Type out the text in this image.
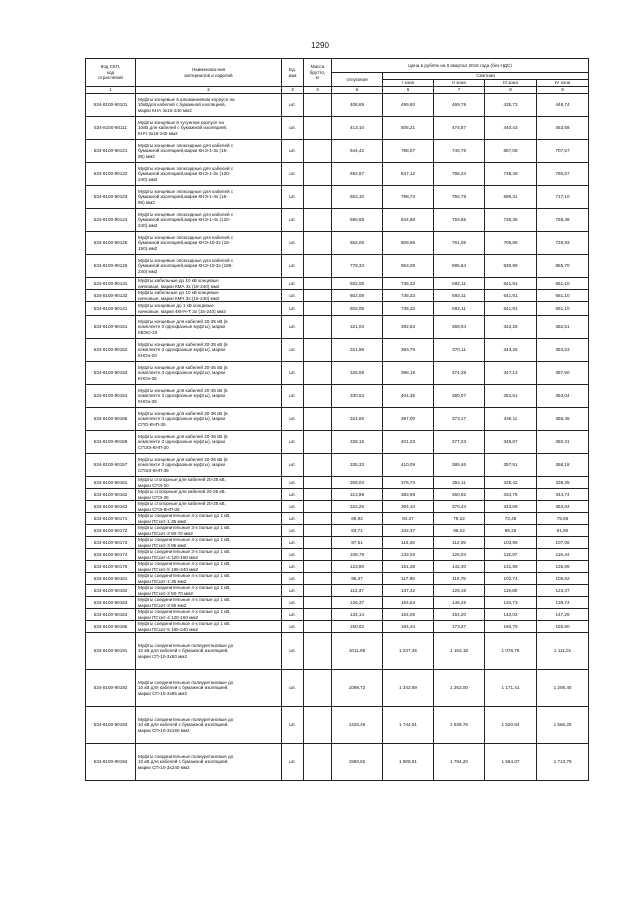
1290
Код СКП,
код
отраслевой	Наименова-ния
материалов и изделий	Ед.
изм	Масса
брутто,
кг	Цена в рублях на II квартал 2016 года (без НДС)				
				отпускная	Сметная			
					I зона	II зона	III зона	IV зона
1	2	3	4	5	6	7	8	9
534-8100-90101	Муфты концевые в алюминиевом корпусе на
10кВдля кабелей с бумажной изоляцией,
марки КНА 3х16-240 мм2	шт.		408,69	499,60	469,79	435,73	448,74
534-8100-90111	Муфты концевые в чугунном корпусе на
10кВ для кабелей с бумажной изоляцией,
КНЧ 3х16-240 мм2	шт.		413,10	505,21	474,87	440,43	453,58
534-8100-90121	Муфты концевые эпоксидные для кабелей с
бумажной изоляцией,марки КНЭ-1-3х (16-
95) мм2	шт.		644,42	788,07	740,76	687,05	707,57
534-8100-90122	Муфты концевые эпоксидные для кабелей с
бумажной изоляцией,марки КНЭ-1-3х (120-
240) мм2	шт.		692,67	847,12	796,24	738,49	760,57
534-8100-90123	Муфты концевые эпоксидные для кабелей с
бумажной изоляцией,марки КНЭ-1-4х (16-
95) мм2	шт.		653,10	798,73	750,78	696,31	717,10
534-8100-90124	Муфты концевые эпоксидные для кабелей с
бумажной изоляцией,марки КНЭ-1-4х (120-
240) мм2	шт.		690,68	844,68	793,95	736,36	758,38
534-8100-90125	Муфты концевые эпоксидные для кабелей с
бумажной изоляцией,марки КНЭ-10-3х (16-
150) мм2	шт.		662,06	809,66	761,05	705,85	726,93
534-8100-90126	Муфты концевые эпоксидные для кабелей с
бумажной изоляцией,марки КНЭ-10-3х (185-
240) мм2	шт.		779,33	953,08	895,84	830,89	855,70
534-8100-90131	Муфты кабельные до 10 кВ концевые
начковые, марки КМА 3х (16-240) мм2	шт.		602,08	736,33	692,11	641,91	661,10
534-8100-90132	Муфты кабельные до 10 кВ концевые
начковые, марки КМЧ 3х (16-240) мм2	шт.		602,08	736,33	692,11	641,91	661,10
534-8100-90141	Муфты концевые до 1 кВ концевые
начковые, марки 4КНЧ-Т 3х (16-240) мм2	шт.		602,08	736,33	692,11	641,91	661,10
534-8100-90151	Муфты концевые для кабелей 20-35 кВ (в
комплекте 3 однофазные муфты), марки
КВЭО-20	шт.		321,04	392,63	369,04	342,28	352,51
534-8100-90152	Муфты концевые для кабелей 20-35 кВ (в
комплекте 3 однофазные муфты), марки
КНОн-20	шт.		321,98	393,75	370,11	343,26	353,53
534-8100-90153	Муфты концевые для кабелей 20-35 кВ (в
комплекте 3 однофазные муфты), марки
КНОн-35	шт.		325,59	398,19	374,28	347,13	357,50
534-8100-90154	Муфты концевые для кабелей 20-35 кВ (в
комплекте 3 однофазные муфты), марки
КНОн-35	шт.		330,63	404,35	380,07	352,51	363,04
534-8100-90155	Муфты концевые для кабелей 20-35 кВ (в
комплекте 3 однофазные муфты), марки
СПО-КНП-35	шт.		324,65	397,00	373,17	346,11	356,45
534-8100-90156	Муфты концевые для кабелей 20-35 кВ (в
комплекте 3 однофазные муфты), марки
СПЭЭ-КНП-20	шт.		328,15	401,33	377,23	349,87	360,31
534-8100-90157	Муфты концевые для кабелей 20-35 кВ (в
комплекте 3 однофазные муфты), марки
СПЭЭ-КНП-35	шт.		335,33	410,09	385,46	357,51	368,18
534-8100-90161	Муфты стопорные для кабелей 20-35 кВ,
марки СПЭ-20	шт.		308,04	376,73	354,11	328,42	338,25
534-8100-90162	Муфты стопорные для кабелей 20-35 кВ,
марки СПЭ-35	шт.		313,99	383,98	360,92	334,75	344,74
534-8100-90163	Муфты стопорные для кабелей 20-35 кВ,
марки СПЭ-КНП-35	шт.		322,25	394,10	370,44	343,58	353,84
534-8100-90171	Муфты соединительные 3-х палые до 1 кВ,
марки ПСсит-1 35 мм2	шт.		68,92	84,27	79,22	73,48	75,66
534-8100-90172	Муфты соединительные 3-х палые до 1 кВ,
марки ПСсит-2 50-70 мм2	шт.		83,71	102,37	96,22	89,25	91,90
534-8100-90173	Муфты соединительные 3-х палые до 1 кВ,
марки ПСсит-3 95 мм2	шт.		97,51	119,26	112,09	103,96	107,06
534-8100-90174	Муфты соединительные 3-х палые до 1 кВ,
марки ПСсит-4 120-150 мм2	шт.		108,78	133,02	125,04	115,97	119,44
534-8100-90175	Муфты соединительные 3-х палые до 1 кВ,
марки ПСсит-5 185-240 мм2	шт.		123,80	151,38	142,30	131,99	135,89
534-8100-90181	Муфты соединительные 4-х палые до 1 кВ,
марки ПСсит-1 35 мм2	шт.		96,37	117,85	110,78	102,74	105,82
534-8100-90182	Муфты соединительные 4-х палые до 1 кВ,
марки ПСсит-2 50-70 мм2	шт.		112,37	137,42	129,16	119,80	123,37
534-8100-90183	Муфты соединительные 4-х палые до 1 кВ,
марки ПСсит-3 95 мм2	шт.		126,37	154,53	145,25	134,73	138,74
534-8100-90184	Муфты соединительные 4-х палые до 1 кВ,
марки ПСсит-4 120-150 мм2	шт.		134,14	164,05	154,20	143,02	147,29
534-8100-90185	Муфты соединительные 4-х палые до 1 кВ,
марки ПСсит-5 185-240 мм2	шт.		150,62	184,44	173,37	160,79	165,60
534-8100-90191	Муфты соединительные полиуретановые до
10 кВ для кабелей с бумажной изоляцией,
марки СП-10-3х50 мм2	шт.		1011,98	1 237,45	1 163,18	1 078,79	1 111,01
534-8100-90192	Муфты соединительные полиуретановые до
10 кВ для кабелей с бумажной изоляцией,
марки СП-10-3х95 мм2	шт.		1098,72	1 343,69	1 263,00	1 171,41	1 206,40
534-8100-90193	Муфты соединительные полиуретановые до
10 кВ для кабелей с бумажной изоляцией,
марки СП-10-3х150 мм2	шт.		1426,45	1 744,51	1 639,76	1 520,84	1 566,25
534-8100-90194	Муфты соединительные полиуретановые до
10 кВ для кабелей с бумажной изоляцией,
марки СП-10-3х240 мм2	шт.		1560,82	1 908,81	1 794,20	1 664,07	1 713,79
